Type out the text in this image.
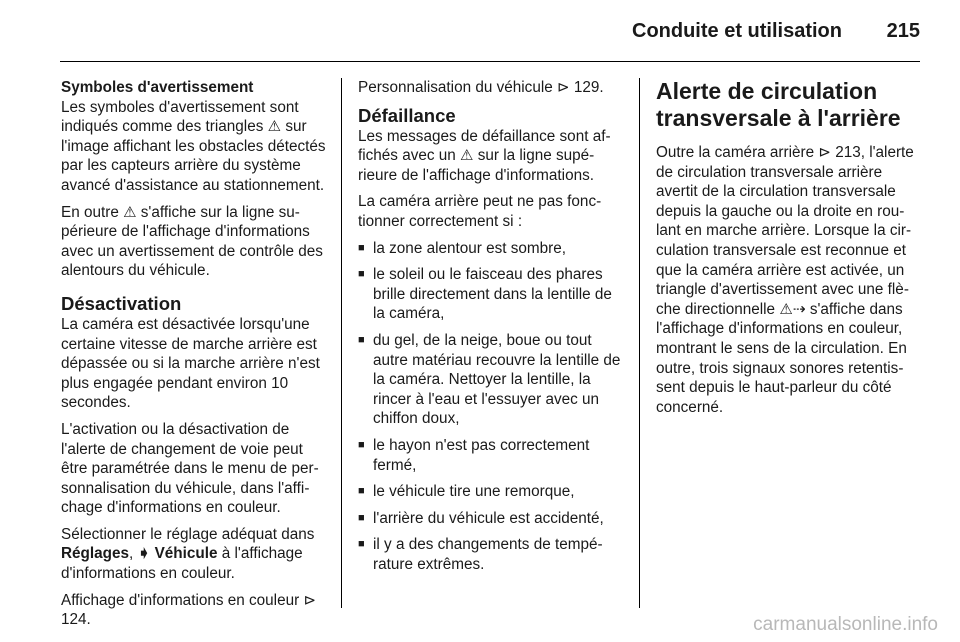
Conduite et utilisation 215

Symboles d'avertissement

Les symboles d'avertissement sont indiqués comme des triangles ⚠ sur l'image affichant les obstacles détectés par les capteurs arrière du système avancé d'assistance au stationnement.

En outre ⚠ s'affiche sur la ligne supérieure de l'affichage d'informations avec un avertissement de contrôle des alentours du véhicule.

Désactivation

La caméra est désactivée lorsqu'une certaine vitesse de marche arrière est dépassée ou si la marche arrière n'est plus engagée pendant environ 10 secondes.

L'activation ou la désactivation de l'alerte de changement de voie peut être paramétrée dans le menu de personnalisation du véhicule, dans l'affichage d'informations en couleur.

Sélectionner le réglage adéquat dans Réglages, ➧ Véhicule à l'affichage d'informations en couleur.

Affichage d'informations en couleur ⊳ 124.

Personnalisation du véhicule ⊳ 129.

Défaillance

Les messages de défaillance sont affichés avec un ⚠ sur la ligne supérieure de l'affichage d'informations.

La caméra arrière peut ne pas fonctionner correctement si :

■ la zone alentour est sombre,
■ le soleil ou le faisceau des phares brille directement dans la lentille de la caméra,
■ du gel, de la neige, boue ou tout autre matériau recouvre la lentille de la caméra. Nettoyer la lentille, la rincer à l'eau et l'essuyer avec un chiffon doux,
■ le hayon n'est pas correctement fermé,
■ le véhicule tire une remorque,
■ l'arrière du véhicule est accidenté,
■ il y a des changements de température extrêmes.
Alerte de circulation transversale à l'arrière

Outre la caméra arrière ⊳ 213, l'alerte de circulation transversale arrière avertit de la circulation transversale depuis la gauche ou la droite en roulant en marche arrière. Lorsque la circulation transversale est reconnue et que la caméra arrière est activée, un triangle d'avertissement avec une flèche directionnelle ⚠⇢ s'affiche dans l'affichage d'informations en couleur, montrant le sens de la circulation. En outre, trois signaux sonores retentissent depuis le haut-parleur du côté concerné.

carmanualsonline.info
